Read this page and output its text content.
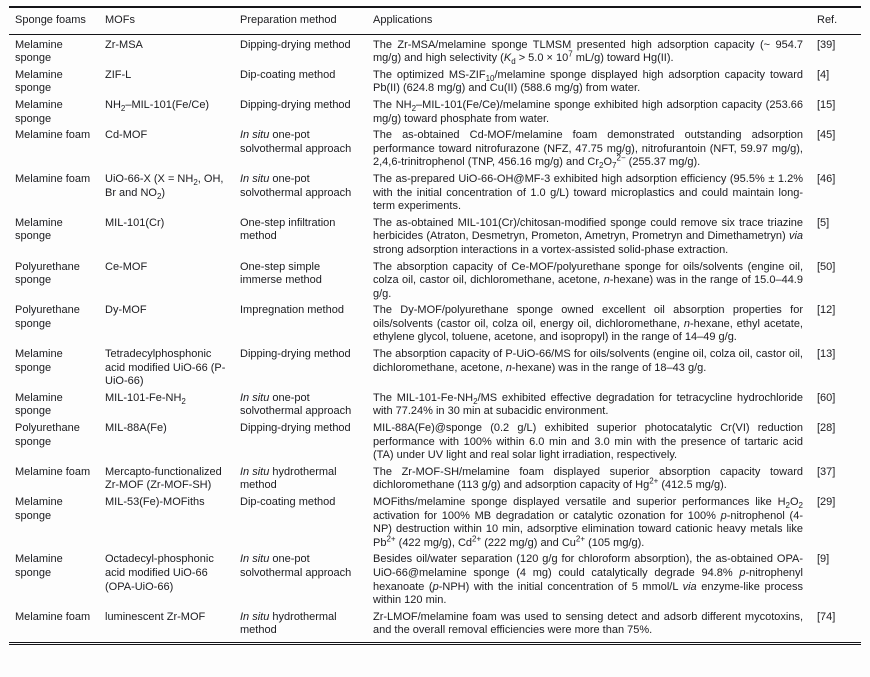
Sponge foams	MOFs	Preparation method	Applications	Ref.
Melamine sponge	Zr-MSA	Dipping-drying method	The Zr-MSA/melamine sponge TLMSM presented high adsorption capacity (~ 954.7 mg/g) and high selectivity ($K_d > 5.0 \times 10^7$ mL/g) toward Hg(II).	[39]
Melamine sponge	ZIF-L	Dip-coating method	The optimized $MS-ZIF_{10}$/melamine sponge displayed high adsorption capacity toward Pb(II) (624.8 mg/g) and Cu(II) (588.6 mg/g) from water.	[4]
Melamine sponge	$NH_2-MIL-101(Fe/Ce)$	Dipping-drying method	The $NH_2-MIL-101(Fe/Ce)$/melamine sponge exhibited high adsorption capacity (253.66 mg/g) toward phosphate from water.	[15]
Melamine foam	Cd-MOF	In situ one-pot solvothermal approach	The as-obtained Cd-MOF/melamine foam demonstrated outstanding adsorption performance toward nitrofurazone (NFZ, 47.75 mg/g), nitrofurantoin (NFT, 59.97 mg/g), 2,4,6-trinitrophenol (TNP, 456.16 mg/g) and $Cr_2O_7^{2-}$ (255.37 mg/g).	[45]
Melamine foam	UiO-66-X ($X = NH_2$, OH, Br and $NO_2$)	In situ one-pot solvothermal approach	The as-prepared UiO-66-OH@MF-3 exhibited high adsorption efficiency (95.5% ± 1.2% with the initial concentration of 1.0 g/L) toward microplastics and could maintain long-term experiments.	[46]
Melamine sponge	MIL-101(Cr)	One-step infiltration method	The as-obtained MIL-101(Cr)/chitosan-modified sponge could remove six trace triazine herbicides (Atraton, Desmetryn, Prometon, Ametryn, Prometryn and Dimethametryn) via strong adsorption interactions in a vortex-assisted solid-phase extraction.	[5]
Polyurethane sponge	Ce-MOF	One-step simple immerse method	The absorption capacity of Ce-MOF/polyurethane sponge for oils/solvents (engine oil, colza oil, castor oil, dichloromethane, acetone, n-hexane) was in the range of 15.0–44.9 g/g.	[50]
Polyurethane sponge	Dy-MOF	Impregnation method	The Dy-MOF/polyurethane sponge owned excellent oil absorption properties for oils/solvents (castor oil, colza oil, energy oil, dichloromethane, n-hexane, ethyl acetate, ethylene glycol, toluene, acetone, and isopropyl) in the range of 14–49 g/g.	[12]
Melamine sponge	Tetradecylphosphonic acid modified UiO-66 (P-UiO-66)	Dipping-drying method	The absorption capacity of P-UiO-66/MS for oils/solvents (engine oil, colza oil, castor oil, dichloromethane, acetone, n-hexane) was in the range of 18–43 g/g.	[13]
Melamine sponge	MIL-$101-Fe-NH_2$	In situ one-pot solvothermal approach	The MIL-$101-Fe-NH_2/MS$ exhibited effective degradation for tetracycline hydrochloride with 77.24% in 30 min at subacidic environment.	[60]
Polyurethane sponge	MIL-88A(Fe)	Dipping-drying method	MIL-88A(Fe)@sponge (0.2 g/L) exhibited superior photocatalytic Cr(VI) reduction performance with 100% within 6.0 min and 3.0 min with the presence of tartaric acid (TA) under UV light and real solar light irradiation, respectively.	[28]
Melamine foam	Mercapto-functionalized Zr-MOF (Zr-MOF-SH)	In situ hydrothermal method	The Zr-MOF-SH/melamine foam displayed superior absorption capacity toward dichloromethane (113 g/g) and adsorption capacity of $Hg^{2+}$ (412.5 mg/g).	[37]
Melamine sponge	MIL-53(Fe)-MOFiths	Dip-coating method	MOFiths/melamine sponge displayed versatile and superior performances like $H_2O_2$ activation for 100% MB degradation or catalytic ozonation for 100% p-nitrophenol (4-NP) destruction within 10 min, adsorptive elimination toward cationic heavy metals like $Pb^{2+}$ (422 mg/g), $Cd^{2+}$ (222 mg/g) and $Cu^{2+}$ (105 mg/g).	[29]
Melamine sponge	Octadecyl-phosphonic acid modified UiO-66 (OPA-UiO-66)	In situ one-pot solvothermal approach	Besides oil/water separation (120 g/g for chloroform absorption), the as-obtained OPA-UiO-66@melamine sponge (4 mg) could catalytically degrade 94.8% p-nitrophenyl hexanoate (p-NPH) with the initial concentration of 5 mmol/L via enzyme-like process within 120 min.	[9]
Melamine foam	luminescent Zr-MOF	In situ hydrothermal method	Zr-LMOF/melamine foam was used to sensing detect and adsorb different mycotoxins, and the overall removal efficiencies were more than 75%.	[74]
